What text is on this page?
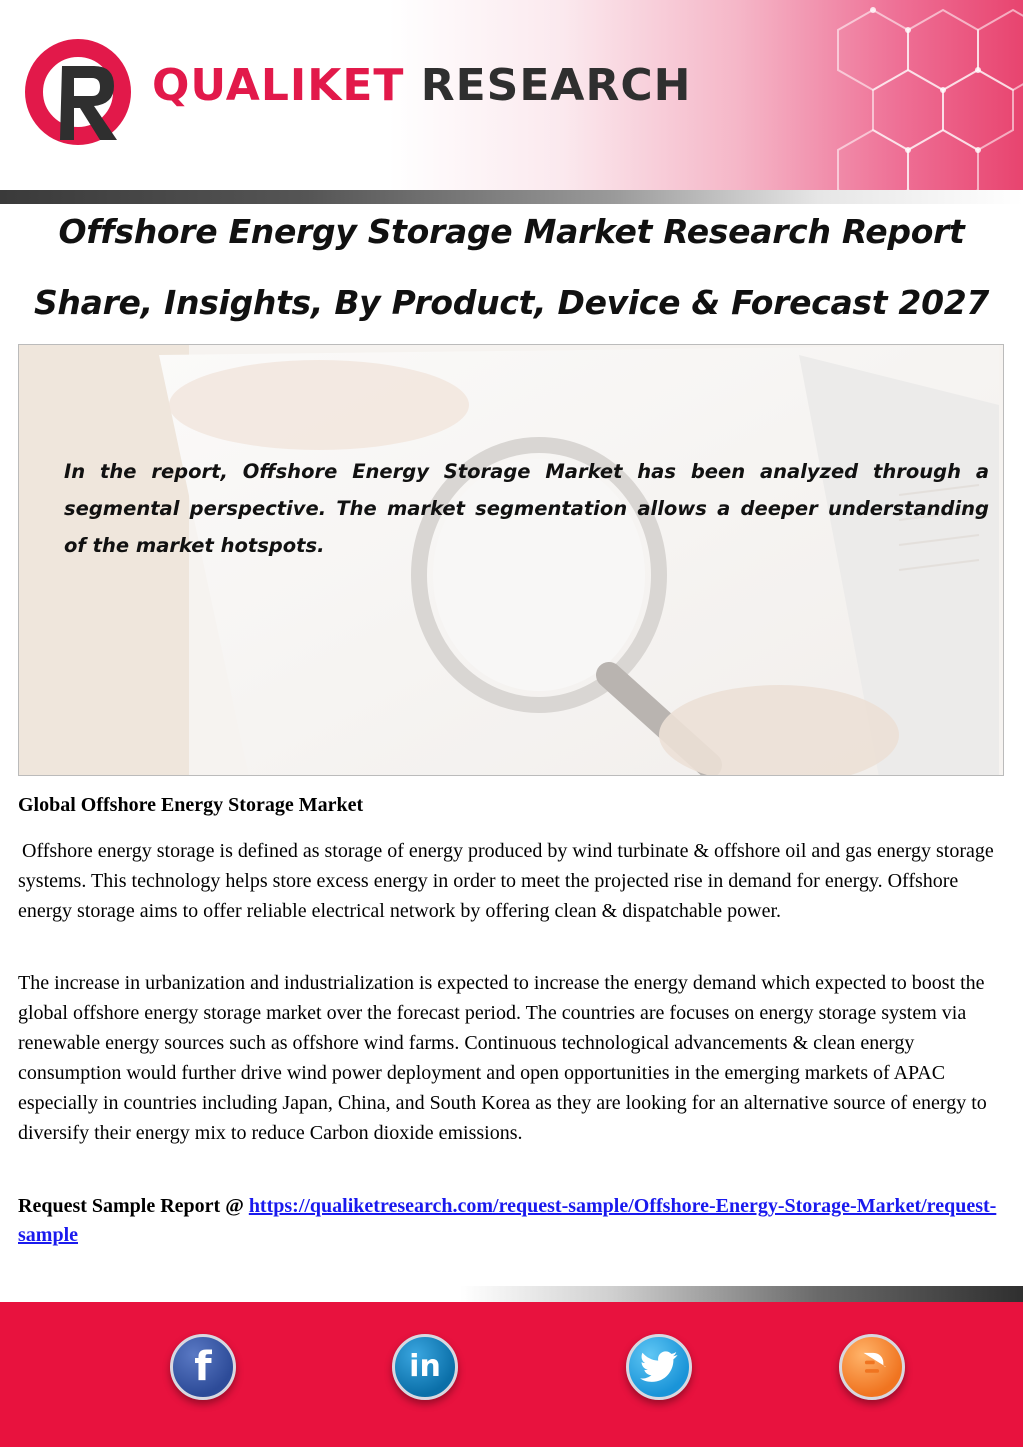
QUALIKET RESEARCH
Offshore Energy Storage Market Research Report
Share, Insights, By Product, Device & Forecast 2027

In the report, Offshore Energy Storage Market has been analyzed through a segmental perspective. The market segmentation allows a deeper understanding of the market hotspots.

Global Offshore Energy Storage Market

Offshore energy storage is defined as storage of energy produced by wind turbinate & offshore oil and gas energy storage systems. This technology helps store excess energy in order to meet the projected rise in demand for energy. Offshore energy storage aims to offer reliable electrical network by offering clean & dispatchable power.

The increase in urbanization and industrialization is expected to increase the energy demand which expected to boost the global offshore energy storage market over the forecast period. The countries are focuses on energy storage system via renewable energy sources such as offshore wind farms. Continuous technological advancements & clean energy consumption would further drive wind power deployment and open opportunities in the emerging markets of APAC especially in countries including Japan, China, and South Korea as they are looking for an alternative source of energy to diversify their energy mix to reduce Carbon dioxide emissions.

Request Sample Report @ https://qualiketresearch.com/request-sample/Offshore-Energy-Storage-Market/request-sample

f	in
